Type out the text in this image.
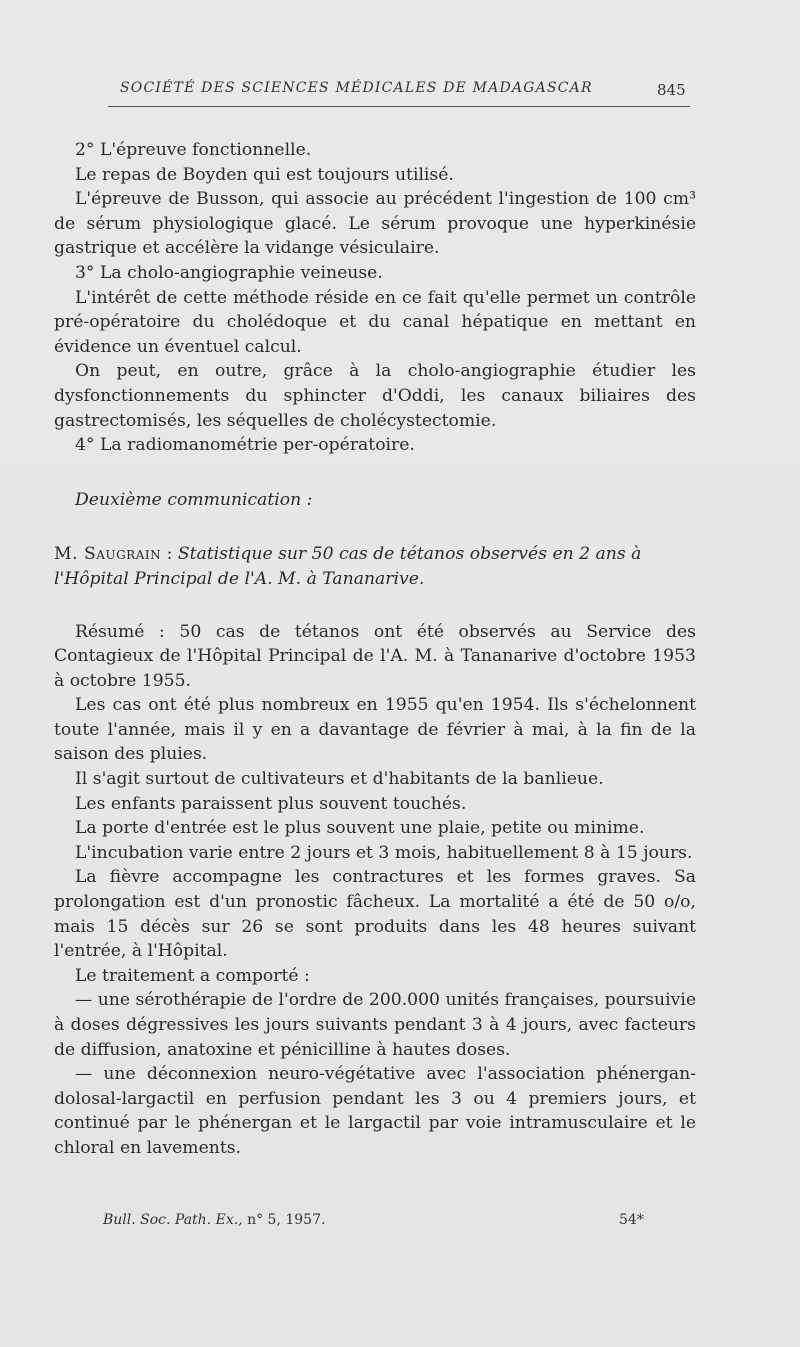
SOCIÉTÉ DES SCIENCES MÉDICALES DE MADAGASCAR	845

2° L'épreuve fonctionnelle.

Le repas de Boyden qui est toujours utilisé.

L'épreuve de Busson, qui associe au précédent l'ingestion de 100 cm³ de sérum physiologique glacé. Le sérum provoque une hyperkinésie gastrique et accélère la vidange vésiculaire.

3° La cholo-angiographie veineuse.

L'intérêt de cette méthode réside en ce fait qu'elle permet un contrôle pré-opératoire du cholédoque et du canal hépatique en mettant en évidence un éventuel calcul.

On peut, en outre, grâce à la cholo-angiographie étudier les dysfonctionnements du sphincter d'Oddi, les canaux biliaires des gastrectomisés, les séquelles de cholécystectomie.

4° La radiomanométrie per-opératoire.

Deuxième communication :

M. Saugrain : Statistique sur 50 cas de tétanos observés en 2 ans à l'Hôpital Principal de l'A. M. à Tananarive.

Résumé : 50 cas de tétanos ont été observés au Service des Contagieux de l'Hôpital Principal de l'A. M. à Tananarive d'octobre 1953 à octobre 1955.

Les cas ont été plus nombreux en 1955 qu'en 1954. Ils s'échelonnent toute l'année, mais il y en a davantage de février à mai, à la fin de la saison des pluies.

Il s'agit surtout de cultivateurs et d'habitants de la banlieue.

Les enfants paraissent plus souvent touchés.

La porte d'entrée est le plus souvent une plaie, petite ou minime.

L'incubation varie entre 2 jours et 3 mois, habituellement 8 à 15 jours.

La fièvre accompagne les contractures et les formes graves. Sa prolongation est d'un pronostic fâcheux. La mortalité a été de 50 o/o, mais 15 décès sur 26 se sont produits dans les 48 heures suivant l'entrée, à l'Hôpital.

Le traitement a comporté :

— une sérothérapie de l'ordre de 200.000 unités françaises, poursuivie à doses dégressives les jours suivants pendant 3 à 4 jours, avec facteurs de diffusion, anatoxine et pénicilline à hautes doses.

— une déconnexion neuro-végétative avec l'association phénergan-dolosal-largactil en perfusion pendant les 3 ou 4 premiers jours, et continué par le phénergan et le largactil par voie intramusculaire et le chloral en lavements.

Bull. Soc. Path. Ex., n° 5, 1957.	54*
